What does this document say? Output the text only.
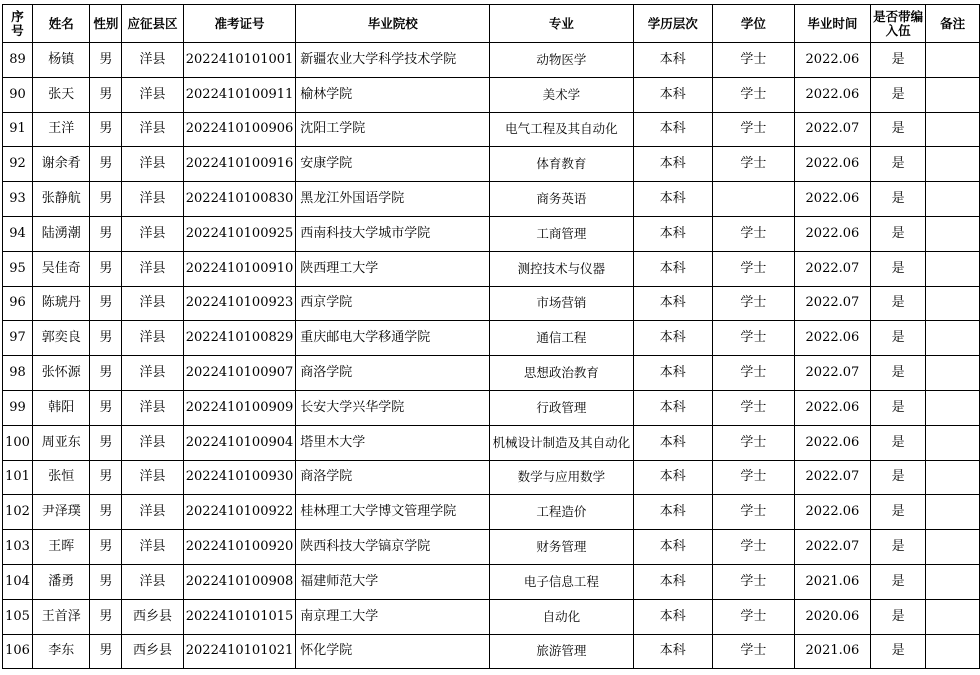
序号	姓名	性别	应征县区	准考证号	毕业院校	专业	学历层次	学位	毕业时间	是否带编入伍	备注
89	杨镇	男	洋县	2022410101001	新疆农业大学科学技术学院	动物医学	本科	学士	2022.06	是	
90	张天	男	洋县	2022410100911	榆林学院	美术学	本科	学士	2022.06	是	
91	王洋	男	洋县	2022410100906	沈阳工学院	电气工程及其自动化	本科	学士	2022.07	是	
92	谢余肴	男	洋县	2022410100916	安康学院	体育教育	本科	学士	2022.06	是	
93	张静航	男	洋县	2022410100830	黑龙江外国语学院	商务英语	本科		2022.06	是	
94	陆湧潮	男	洋县	2022410100925	西南科技大学城市学院	工商管理	本科	学士	2022.06	是	
95	吴佳奇	男	洋县	2022410100910	陕西理工大学	测控技术与仪器	本科	学士	2022.07	是	
96	陈琥丹	男	洋县	2022410100923	西京学院	市场营销	本科	学士	2022.07	是	
97	郭奕良	男	洋县	2022410100829	重庆邮电大学移通学院	通信工程	本科	学士	2022.06	是	
98	张怀源	男	洋县	2022410100907	商洛学院	思想政治教育	本科	学士	2022.07	是	
99	韩阳	男	洋县	2022410100909	长安大学兴华学院	行政管理	本科	学士	2022.06	是	
100	周亚东	男	洋县	2022410100904	塔里木大学	机械设计制造及其自动化	本科	学士	2022.06	是	
101	张恒	男	洋县	2022410100930	商洛学院	数学与应用数学	本科	学士	2022.07	是	
102	尹泽璞	男	洋县	2022410100922	桂林理工大学博文管理学院	工程造价	本科	学士	2022.06	是	
103	王晖	男	洋县	2022410100920	陕西科技大学镐京学院	财务管理	本科	学士	2022.07	是	
104	潘勇	男	洋县	2022410100908	福建师范大学	电子信息工程	本科	学士	2021.06	是	
105	王首泽	男	西乡县	2022410101015	南京理工大学	自动化	本科	学士	2020.06	是	
106	李东	男	西乡县	2022410101021	怀化学院	旅游管理	本科	学士	2021.06	是	
